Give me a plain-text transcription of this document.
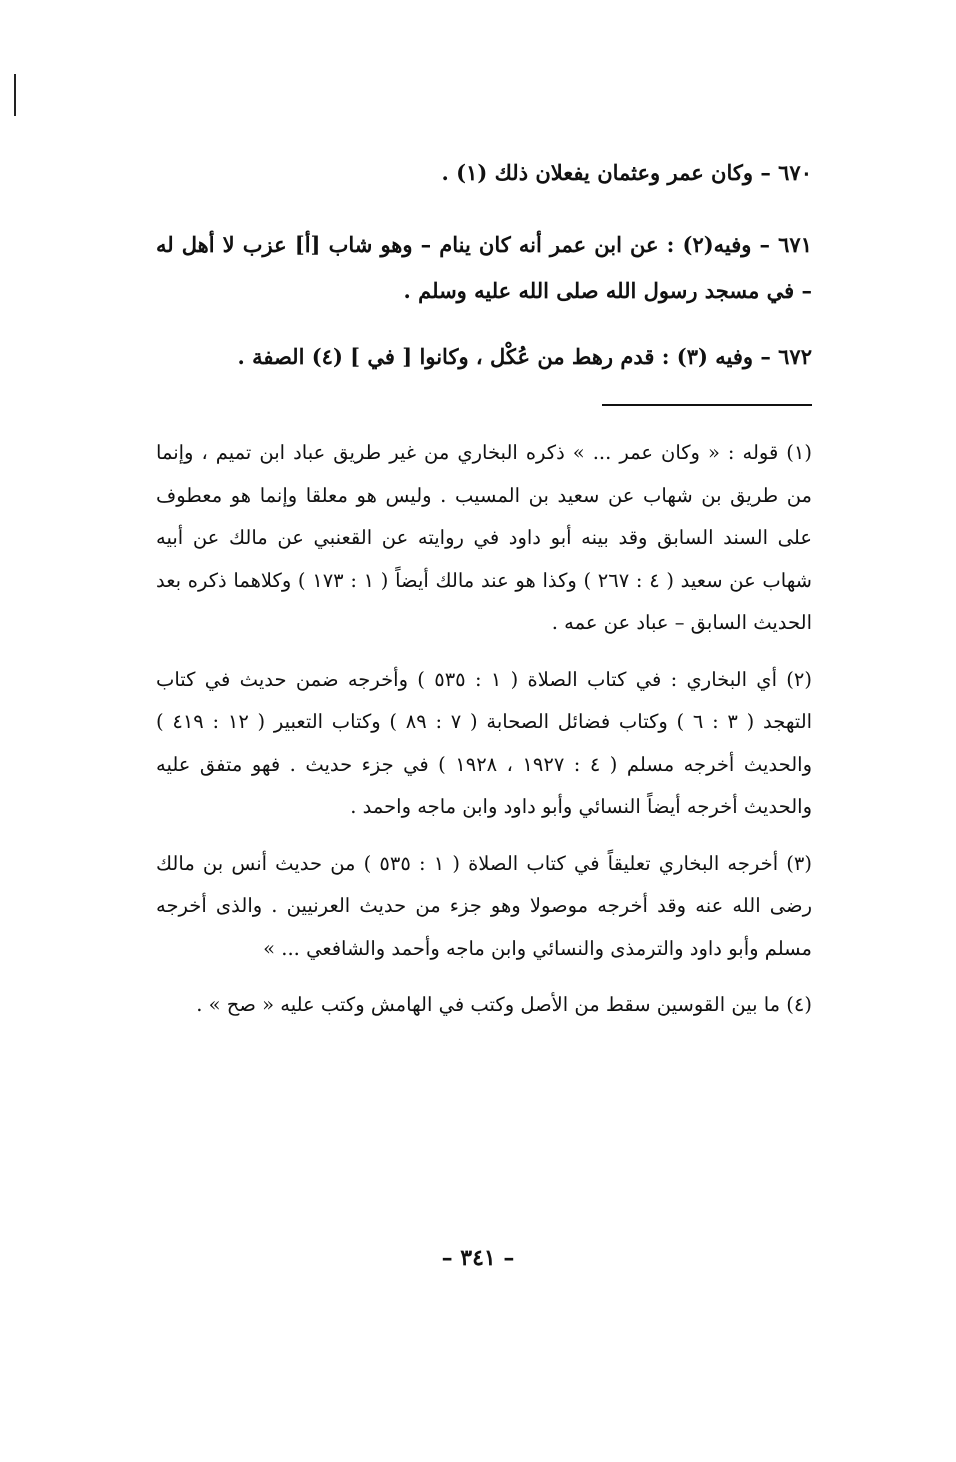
٦٧٠ – وكان عمر وعثمان يفعلان ذلك (١) .

٦٧١ – وفيه(٢) : عن ابن عمر أنه كان ينام – وهو شاب [أ] عزب لا أهل له – في مسجد رسول الله صلى الله عليه وسلم .

٦٧٢ – وفيه (٣) : قدم رهط من عُكْل ، وكانوا [ في ] (٤) الصفة .

(١) قوله : « وكان عمر ... » ذكره البخاري من غير طريق عباد ابن تميم ، وإنما من طريق بن شهاب عن سعيد بن المسيب . وليس هو معلقا وإنما هو معطوف على السند السابق وقد بينه أبو داود في روايته عن القعنبي عن مالك عن أبيه شهاب عن سعيد ( ٤ : ٢٦٧ ) وكذا هو عند مالك أيضاً ( ١ : ١٧٣ ) وكلاهما ذكره بعد الحديث السابق – عباد عن عمه .

(٢) أي البخاري : في كتاب الصلاة ( ١ : ٥٣٥ ) وأخرجه ضمن حديث في كتاب التهجد ( ٣ : ٦ ) وكتاب فضائل الصحابة ( ٧ : ٨٩ ) وكتاب التعبير ( ١٢ : ٤١٩ ) والحديث أخرجه مسلم ( ٤ : ١٩٢٧ ، ١٩٢٨ ) في جزء حديث . فهو متفق عليه والحديث أخرجه أيضاً النسائي وأبو داود وابن ماجه واحمد .

(٣) أخرجه البخاري تعليقاً في كتاب الصلاة ( ١ : ٥٣٥ ) من حديث أنس بن مالك رضى الله عنه وقد أخرجه موصولا وهو جزء من حديث العرنيين . والذى أخرجه مسلم وأبو داود والترمذى والنسائي وابن ماجه وأحمد والشافعي ... »

(٤) ما بين القوسين سقط من الأصل وكتب في الهامش وكتب عليه « صح » .

– ٣٤١ –
